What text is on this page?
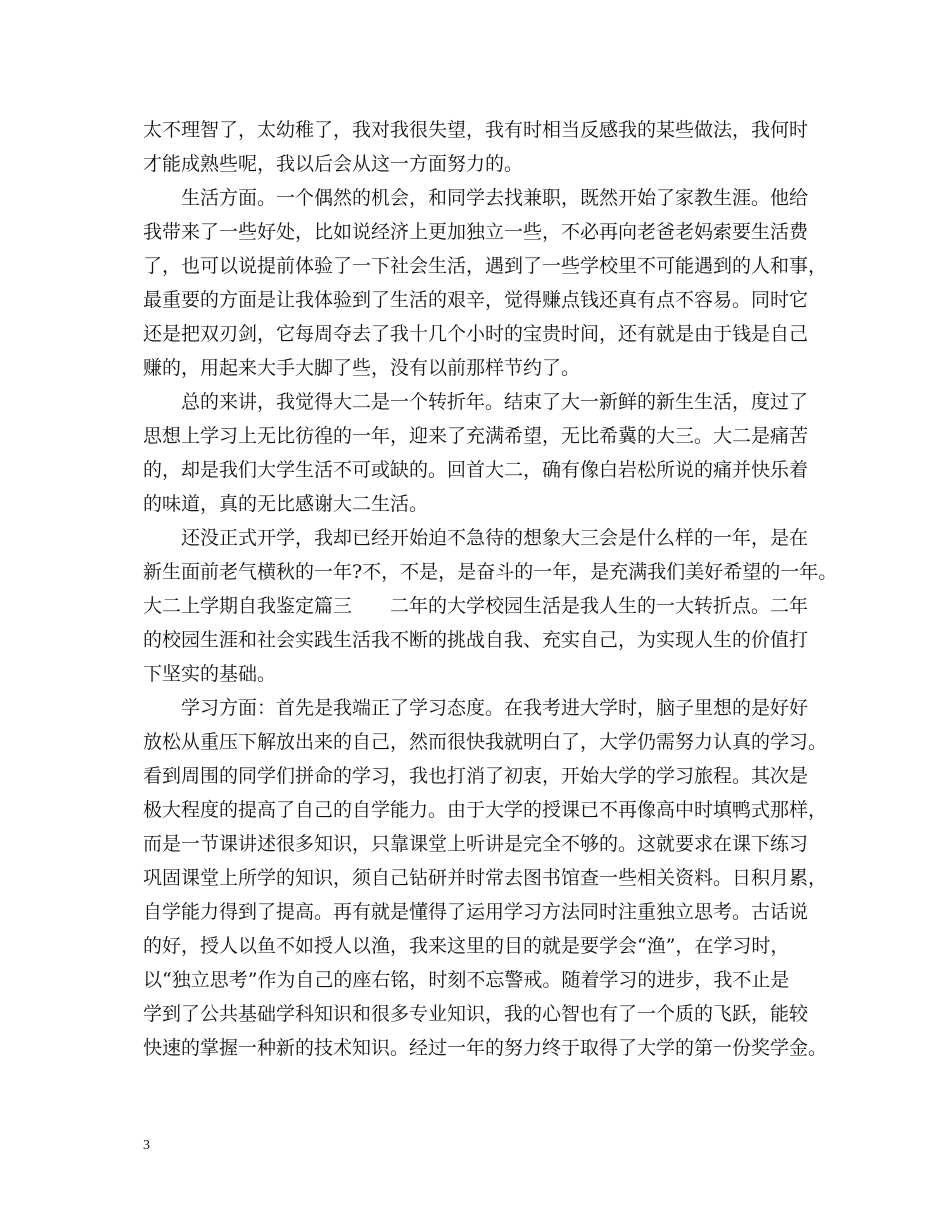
太不理智了，太幼稚了，我对我很失望，我有时相当反感我的某些做法，我何时
才能成熟些呢，我以后会从这一方面努力的。
　　生活方面。一个偶然的机会，和同学去找兼职，既然开始了家教生涯。他给
我带来了一些好处，比如说经济上更加独立一些，不必再向老爸老妈索要生活费
了，也可以说提前体验了一下社会生活，遇到了一些学校里不可能遇到的人和事，
最重要的方面是让我体验到了生活的艰辛，觉得赚点钱还真有点不容易。同时它
还是把双刃剑，它每周夺去了我十几个小时的宝贵时间，还有就是由于钱是自己
赚的，用起来大手大脚了些，没有以前那样节约了。
　　总的来讲，我觉得大二是一个转折年。结束了大一新鲜的新生生活，度过了
思想上学习上无比彷徨的一年，迎来了充满希望，无比希冀的大三。大二是痛苦
的，却是我们大学生活不可或缺的。回首大二，确有像白岩松所说的痛并快乐着
的味道，真的无比感谢大二生活。
　　还没正式开学，我却已经开始迫不急待的想象大三会是什么样的一年，是在
新生面前老气横秋的一年?不，不是，是奋斗的一年，是充满我们美好希望的一年。
大二上学期自我鉴定篇三　　二年的大学校园生活是我人生的一大转折点。二年
的校园生涯和社会实践生活我不断的挑战自我、充实自己，为实现人生的价值打
下坚实的基础。
　　学习方面：首先是我端正了学习态度。在我考进大学时，脑子里想的是好好
放松从重压下解放出来的自己，然而很快我就明白了，大学仍需努力认真的学习。
看到周围的同学们拼命的学习，我也打消了初衷，开始大学的学习旅程。其次是
极大程度的提高了自己的自学能力。由于大学的授课已不再像高中时填鸭式那样，
而是一节课讲述很多知识，只靠课堂上听讲是完全不够的。这就要求在课下练习
巩固课堂上所学的知识，须自己钻研并时常去图书馆查一些相关资料。日积月累，
自学能力得到了提高。再有就是懂得了运用学习方法同时注重独立思考。古话说
的好，授人以鱼不如授人以渔，我来这里的目的就是要学会“渔”，在学习时，
以“独立思考”作为自己的座右铭，时刻不忘警戒。随着学习的进步，我不止是
学到了公共基础学科知识和很多专业知识，我的心智也有了一个质的飞跃，能较
快速的掌握一种新的技术知识。经过一年的努力终于取得了大学的第一份奖学金。
3
